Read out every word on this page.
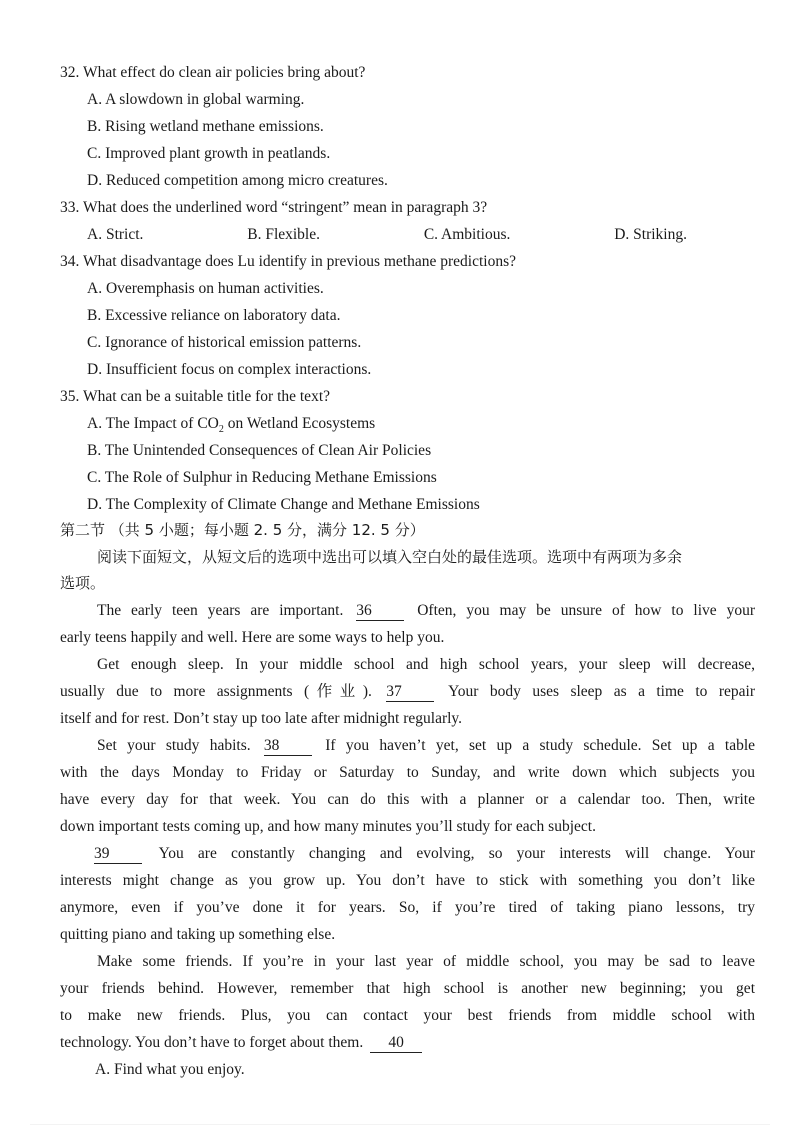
32. What effect do clean air policies bring about?
A. A slowdown in global warming.
B. Rising wetland methane emissions.
C. Improved plant growth in peatlands.
D. Reduced competition among micro creatures.
33. What does the underlined word “stringent” mean in paragraph 3?
A. Strict.	B. Flexible.	C. Ambitious.	D. Striking.
34. What disadvantage does Lu identify in previous methane predictions?
A. Overemphasis on human activities.
B. Excessive reliance on laboratory data.
C. Ignorance of historical emission patterns.
D. Insufficient focus on complex interactions.
35. What can be a suitable title for the text?
A. The Impact of $CO_2$ on Wetland Ecosystems
B. The Unintended Consequences of Clean Air Policies
C. The Role of Sulphur in Reducing Methane Emissions
D. The Complexity of Climate Change and Methane Emissions
第二节 （共 5 小题；每小题 2. 5 分，满分 12. 5 分）
阅读下面短文，从短文后的选项中选出可以填入空白处的最佳选项。选项中有两项为多余
选项。
The early teen years are important. 36	Often, you may be unsure of how to live your
early teens happily and well. Here are some ways to help you.
Get enough sleep. In your middle school and high school years, your sleep will decrease,
usually due to more assignments (作业). 37	Your body uses sleep as a time to repair
itself and for rest. Don’t stay up too late after midnight regularly.
Set your study habits. 38	If you haven’t yet, set up a study schedule. Set up a table
with the days Monday to Friday or Saturday to Sunday, and write down which subjects you
have every day for that week. You can do this with a planner or a calendar too. Then, write
down important tests coming up, and how many minutes you’ll study for each subject.
39	You are constantly changing and evolving, so your interests will change. Your
interests might change as you grow up. You don’t have to stick with something you don’t like
anymore, even if you’ve done it for years. So, if you’re tired of taking piano lessons, try
quitting piano and taking up something else.
Make some friends. If you’re in your last year of middle school, you may be sad to leave
your friends behind. However, remember that high school is another new beginning; you get
to make new friends. Plus, you can contact your best friends from middle school with
technology. You don’t have to forget about them. 40
A. Find what you enjoy.
